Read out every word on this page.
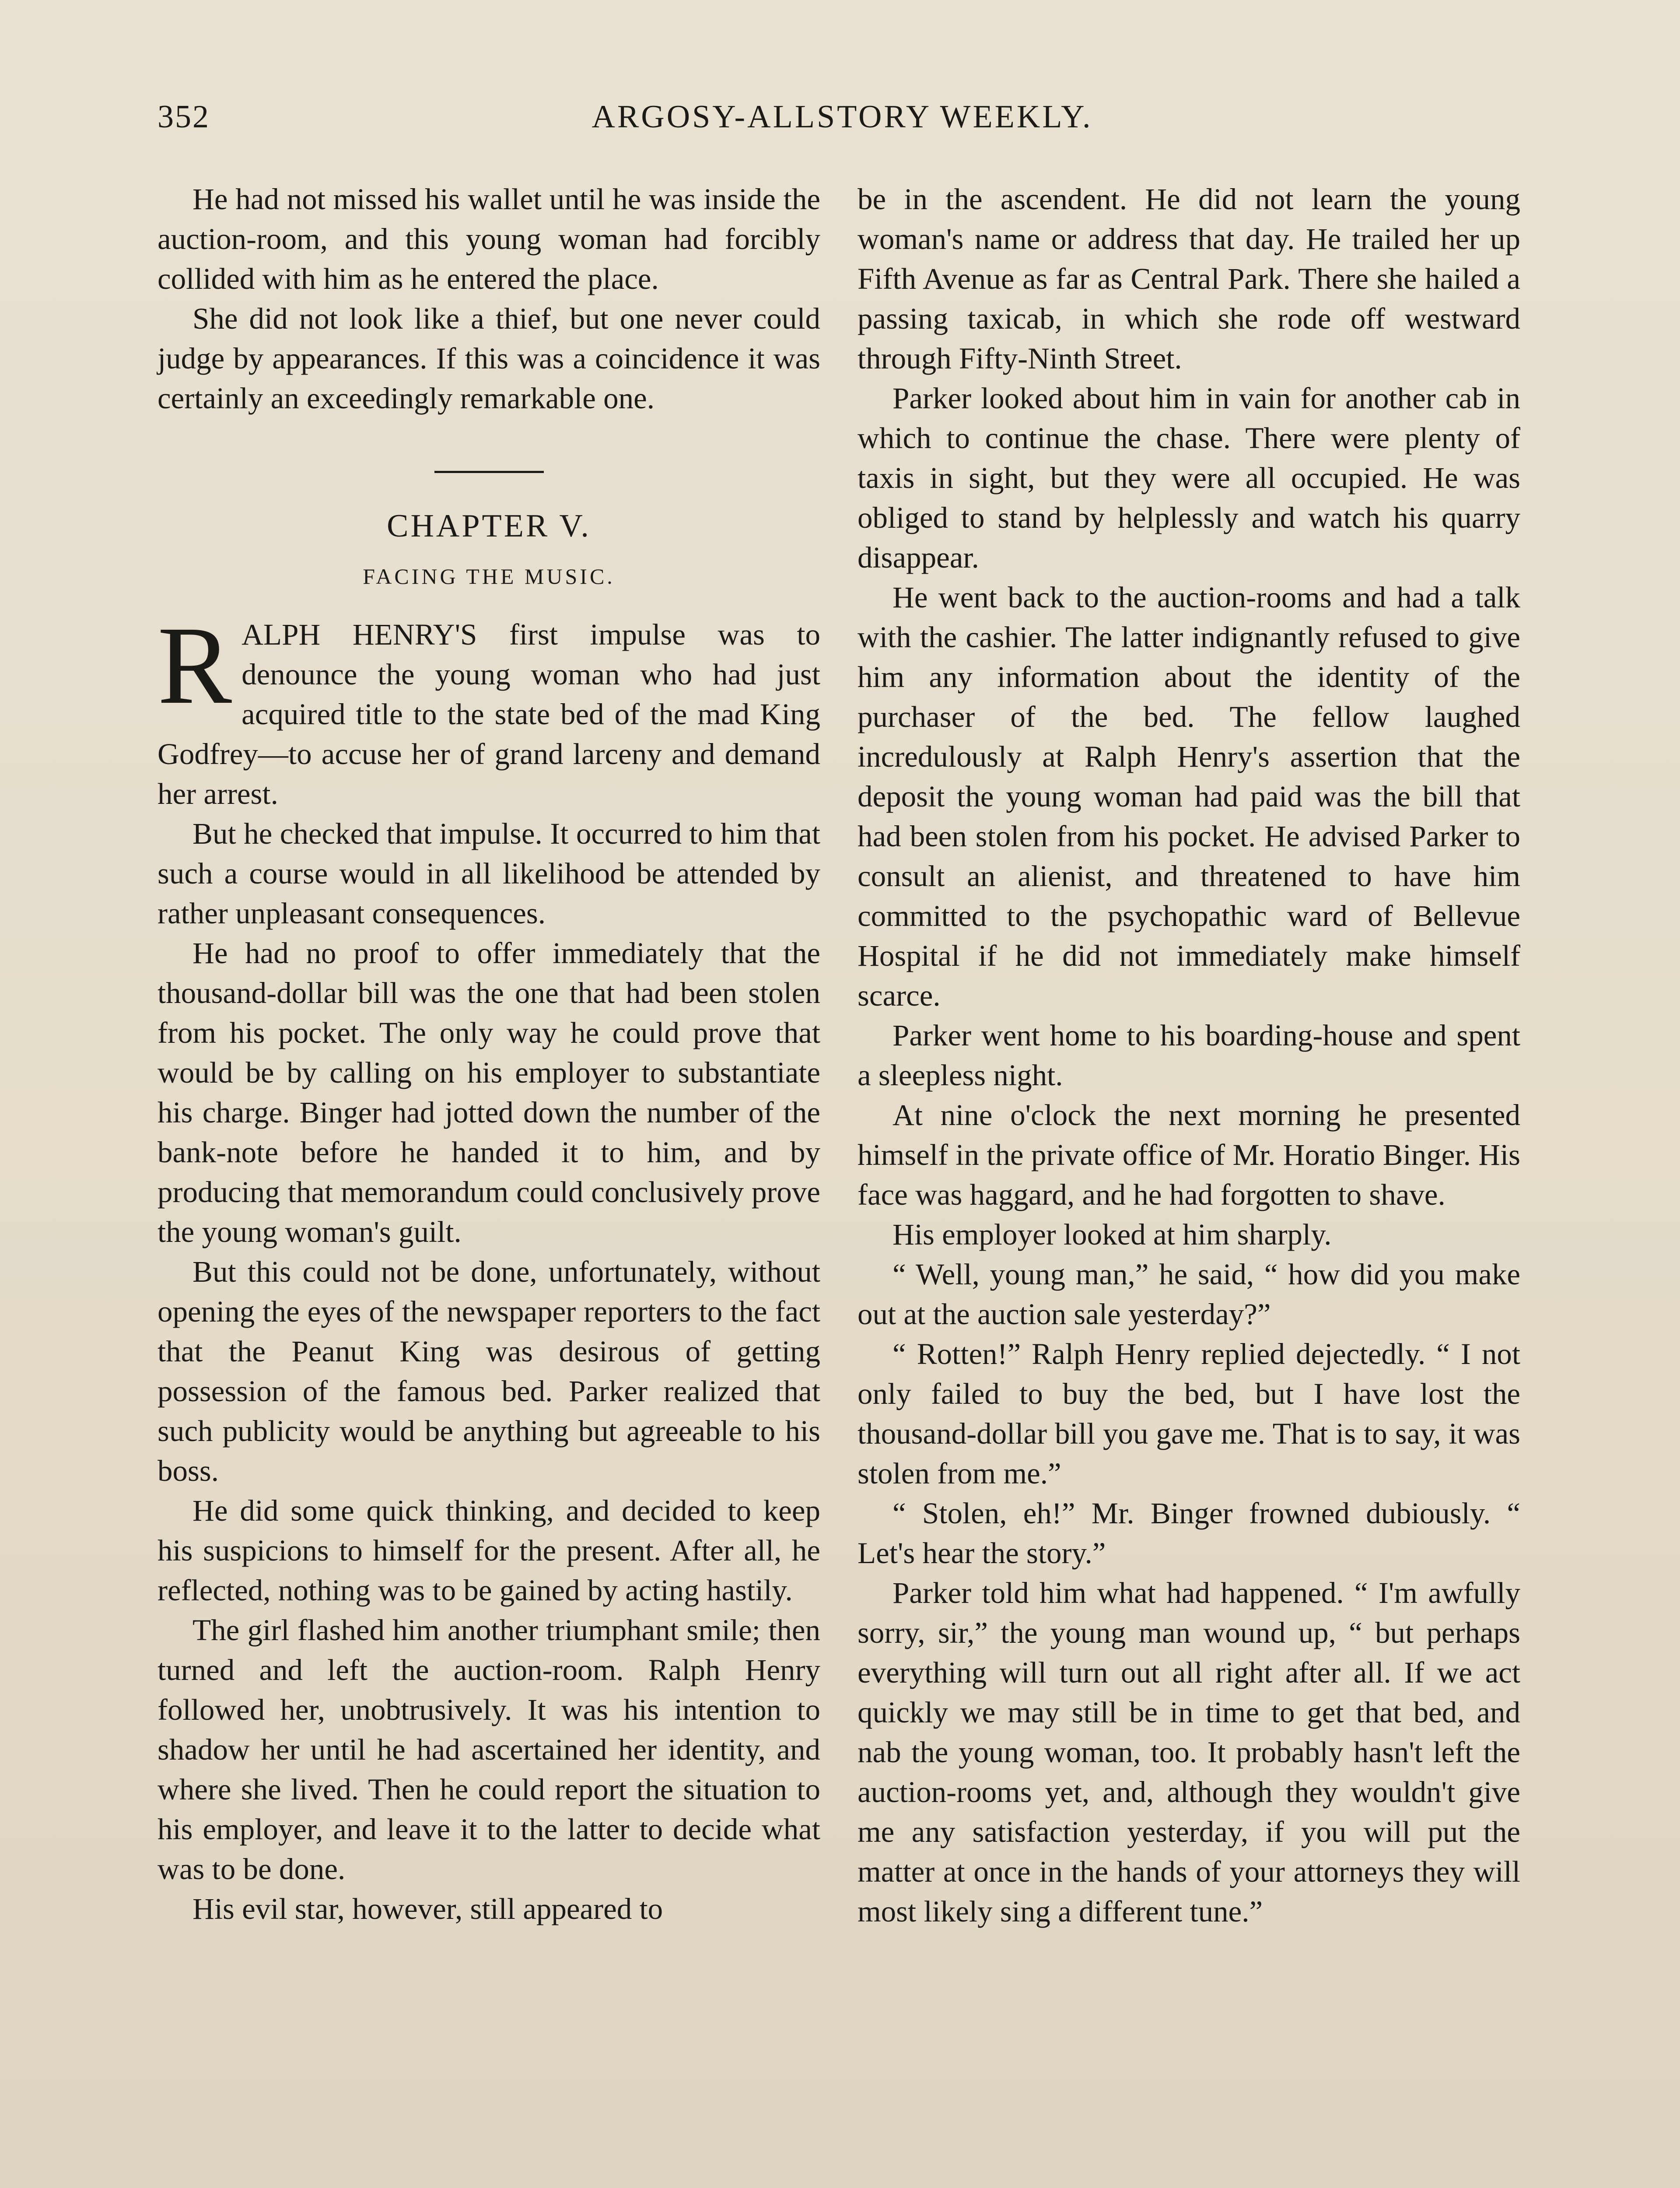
352	ARGOSY-ALLSTORY WEEKLY.

He had not missed his wallet until he was inside the auction-room, and this young woman had forcibly collided with him as he entered the place.

She did not look like a thief, but one never could judge by appearances. If this was a coincidence it was certainly an exceedingly remarkable one.

CHAPTER V.
FACING THE MUSIC.

RALPH HENRY'S first impulse was to denounce the young woman who had just acquired title to the state bed of the mad King Godfrey—to accuse her of grand larceny and demand her arrest.

But he checked that impulse. It occurred to him that such a course would in all likelihood be attended by rather unpleasant consequences.

He had no proof to offer immediately that the thousand-dollar bill was the one that had been stolen from his pocket. The only way he could prove that would be by calling on his employer to substantiate his charge. Binger had jotted down the number of the bank-note before he handed it to him, and by producing that memorandum could conclusively prove the young woman's guilt.

But this could not be done, unfortunately, without opening the eyes of the newspaper reporters to the fact that the Peanut King was desirous of getting possession of the famous bed. Parker realized that such publicity would be anything but agreeable to his boss.

He did some quick thinking, and decided to keep his suspicions to himself for the present. After all, he reflected, nothing was to be gained by acting hastily.

The girl flashed him another triumphant smile; then turned and left the auction-room. Ralph Henry followed her, unobtrusively. It was his intention to shadow her until he had ascertained her identity, and where she lived. Then he could report the situation to his employer, and leave it to the latter to decide what was to be done.

His evil star, however, still appeared to

be in the ascendent. He did not learn the young woman's name or address that day. He trailed her up Fifth Avenue as far as Central Park. There she hailed a passing taxicab, in which she rode off westward through Fifty-Ninth Street.

Parker looked about him in vain for another cab in which to continue the chase. There were plenty of taxis in sight, but they were all occupied. He was obliged to stand by helplessly and watch his quarry disappear.

He went back to the auction-rooms and had a talk with the cashier. The latter indignantly refused to give him any information about the identity of the purchaser of the bed. The fellow laughed incredulously at Ralph Henry's assertion that the deposit the young woman had paid was the bill that had been stolen from his pocket. He advised Parker to consult an alienist, and threatened to have him committed to the psychopathic ward of Bellevue Hospital if he did not immediately make himself scarce.

Parker went home to his boarding-house and spent a sleepless night.

At nine o'clock the next morning he presented himself in the private office of Mr. Horatio Binger. His face was haggard, and he had forgotten to shave.

His employer looked at him sharply.

“ Well, young man,” he said, “ how did you make out at the auction sale yesterday?”

“ Rotten!” Ralph Henry replied dejectedly. “ I not only failed to buy the bed, but I have lost the thousand-dollar bill you gave me. That is to say, it was stolen from me.”

“ Stolen, eh!” Mr. Binger frowned dubiously. “ Let's hear the story.”

Parker told him what had happened. “ I'm awfully sorry, sir,” the young man wound up, “ but perhaps everything will turn out all right after all. If we act quickly we may still be in time to get that bed, and nab the young woman, too. It probably hasn't left the auction-rooms yet, and, although they wouldn't give me any satisfaction yesterday, if you will put the matter at once in the hands of your attorneys they will most likely sing a different tune.”
